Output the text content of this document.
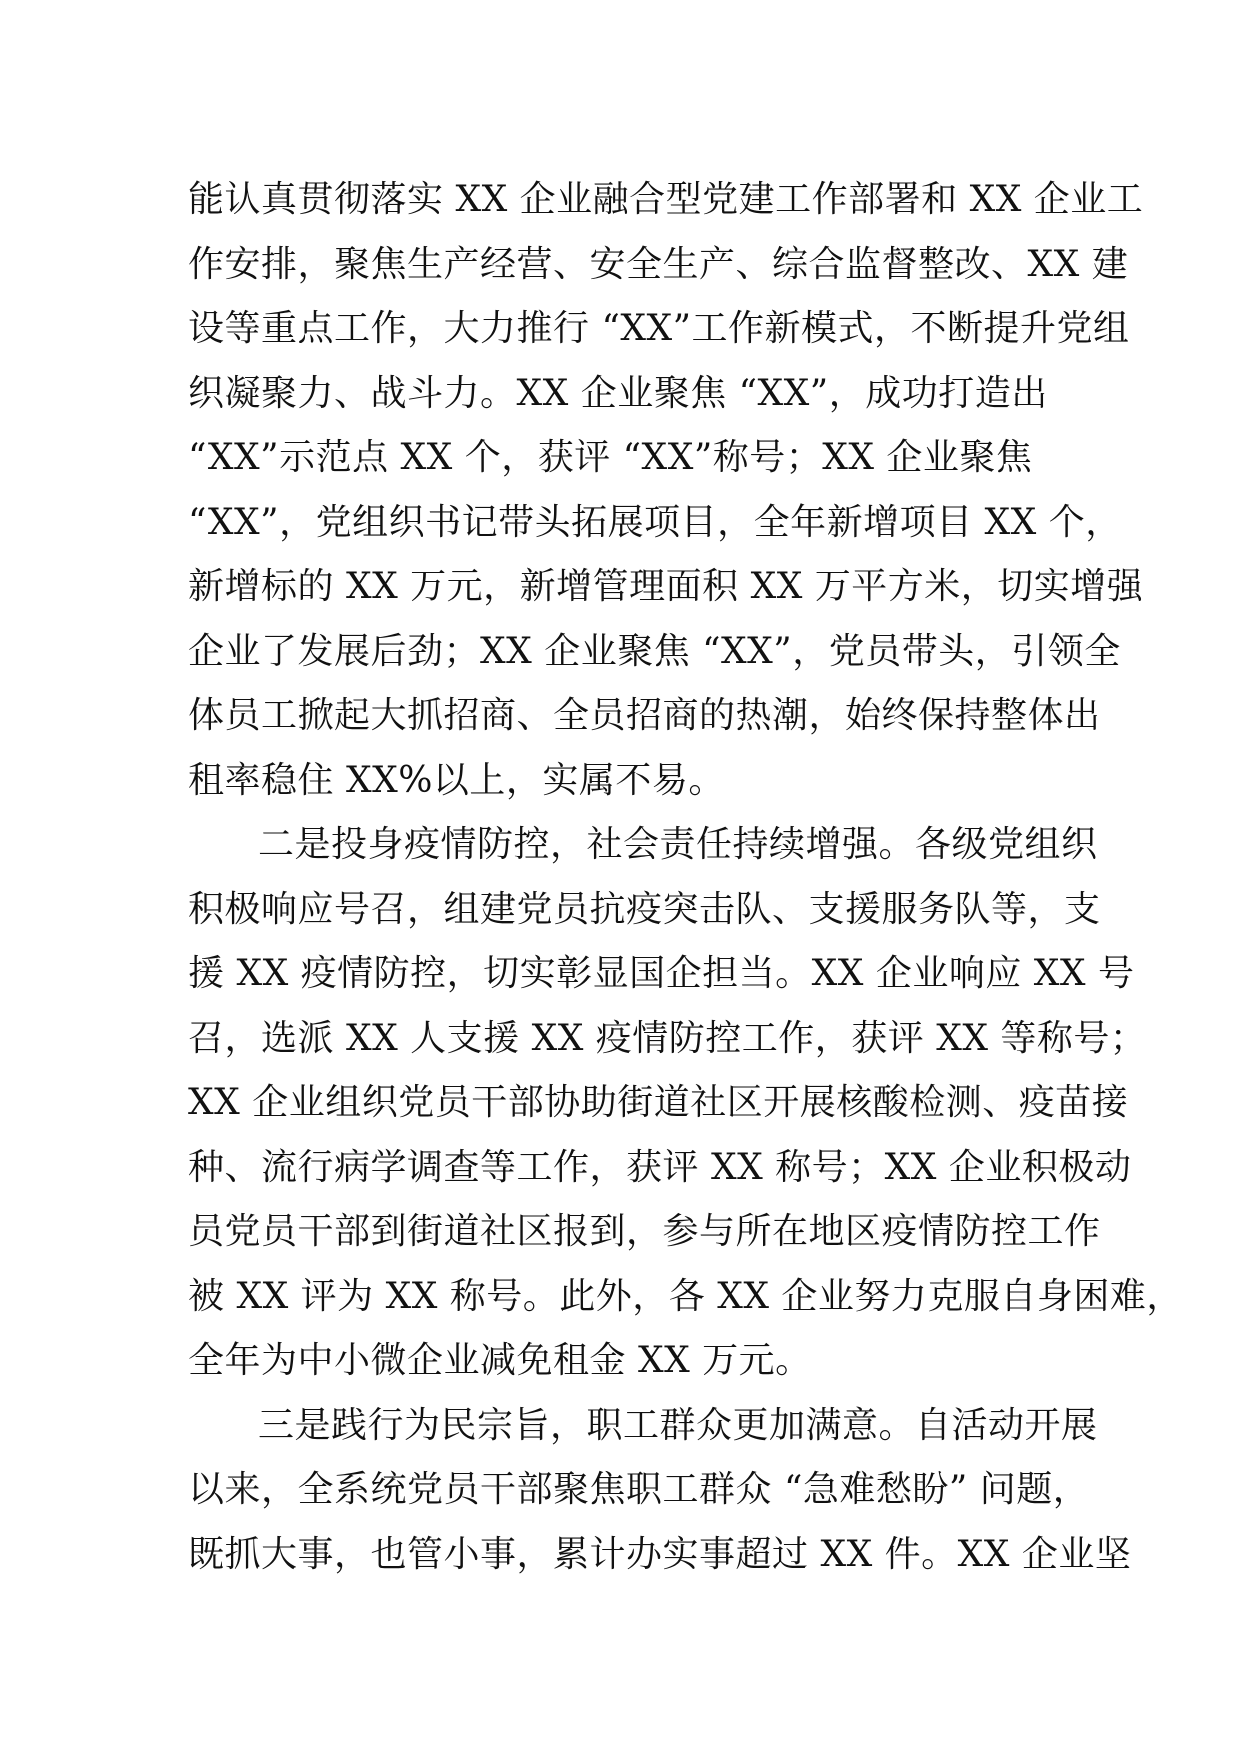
能认真贯彻落实 XX 企业融合型党建工作部署和 XX 企业工
作安排，聚焦生产经营、安全生产、综合监督整改、XX 建
设等重点工作，大力推行 “XX”工作新模式，不断提升党组
织凝聚力、战斗力。XX 企业聚焦 “XX”，成功打造出
“XX”示范点 XX 个，获评 “XX”称号；XX 企业聚焦
“XX”，党组织书记带头拓展项目，全年新增项目 XX 个，
新增标的 XX 万元，新增管理面积 XX 万平方米，切实增强
企业了发展后劲；XX 企业聚焦 “XX”，党员带头，引领全
体员工掀起大抓招商、全员招商的热潮，始终保持整体出
租率稳住 XX%以上，实属不易。
二是投身疫情防控，社会责任持续增强。各级党组织
积极响应号召，组建党员抗疫突击队、支援服务队等，支
援 XX 疫情防控，切实彰显国企担当。XX 企业响应 XX 号
召，选派 XX 人支援 XX 疫情防控工作，获评 XX 等称号；
XX 企业组织党员干部协助街道社区开展核酸检测、疫苗接
种、流行病学调查等工作，获评 XX 称号；XX 企业积极动
员党员干部到街道社区报到，参与所在地区疫情防控工作
被 XX 评为 XX 称号。此外，各 XX 企业努力克服自身困难，
全年为中小微企业减免租金 XX 万元。
三是践行为民宗旨，职工群众更加满意。自活动开展
以来，全系统党员干部聚焦职工群众 “急难愁盼” 问题，
既抓大事，也管小事，累计办实事超过 XX 件。XX 企业坚
